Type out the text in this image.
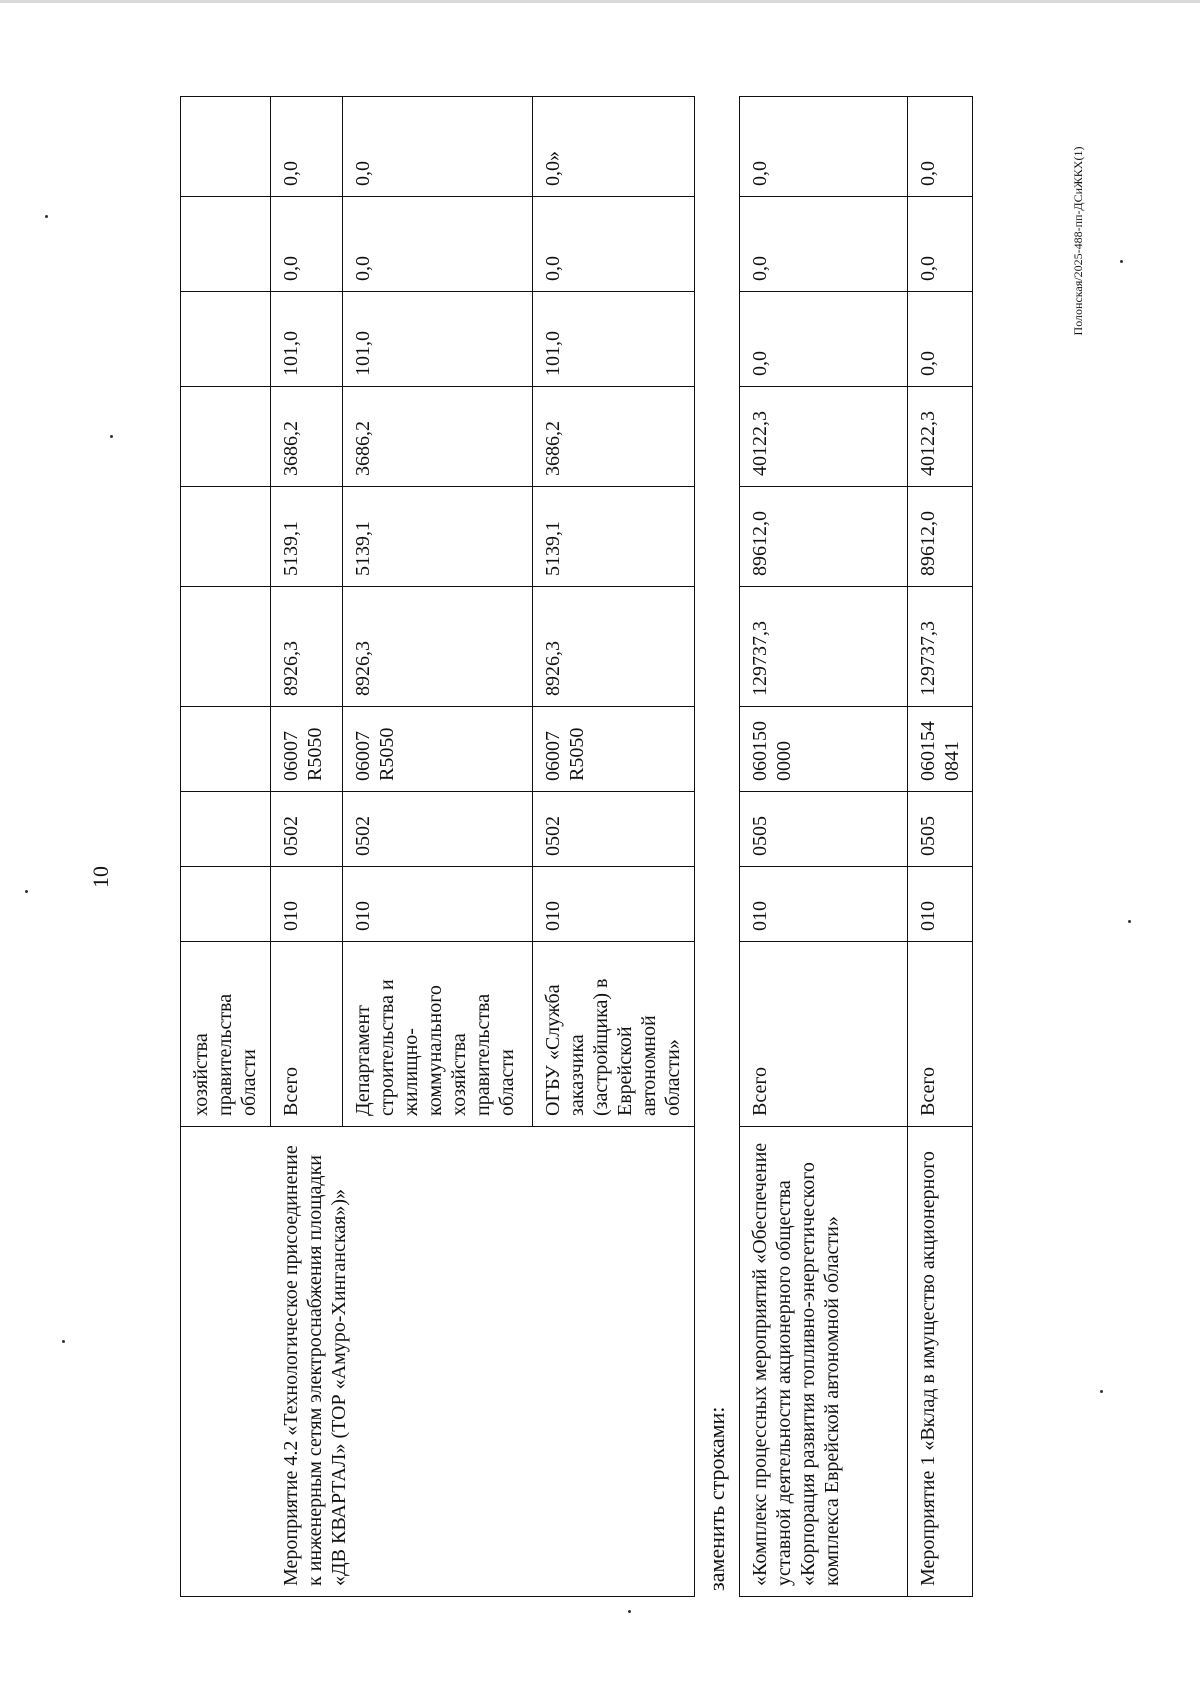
10
Полонская/2025-488-пп-ДСиЖКХ(1)
Мероприятие 4.2 «Технологическое присоединение к инженерным сетям электроснабжения площадки «ДВ КВАРТАЛ» (ТОР «Амуро-Хинганская»)»	хозяйства правительства области									
	Всего	010	0502	06007 R5050	8926,3	5139,1	3686,2	101,0	0,0	0,0
	Департамент строительства и жилищно-коммунального хозяйства правительства области	010	0502	06007 R5050	8926,3	5139,1	3686,2	101,0	0,0	0,0
	ОГБУ «Служба заказчика (застройщика) в Еврейской автономной области»	010	0502	06007 R5050	8926,3	5139,1	3686,2	101,0	0,0	0,0»
заменить строками:	«Комплекс процессных мероприятий «Обеспечение уставной деятельности акционерного общества «Корпорация развития топливно-энергетического комплекса Еврейской автономной области»	Всего	010	0505	060150 0000	129737,3	89612,0	40122,3	0,0	0,0	0,0
Мероприятие 1 «Вклад в имущество акционерного	Всего	010	0505	060154 0841	129737,3	89612,0	40122,3	0,0	0,0	0,0
